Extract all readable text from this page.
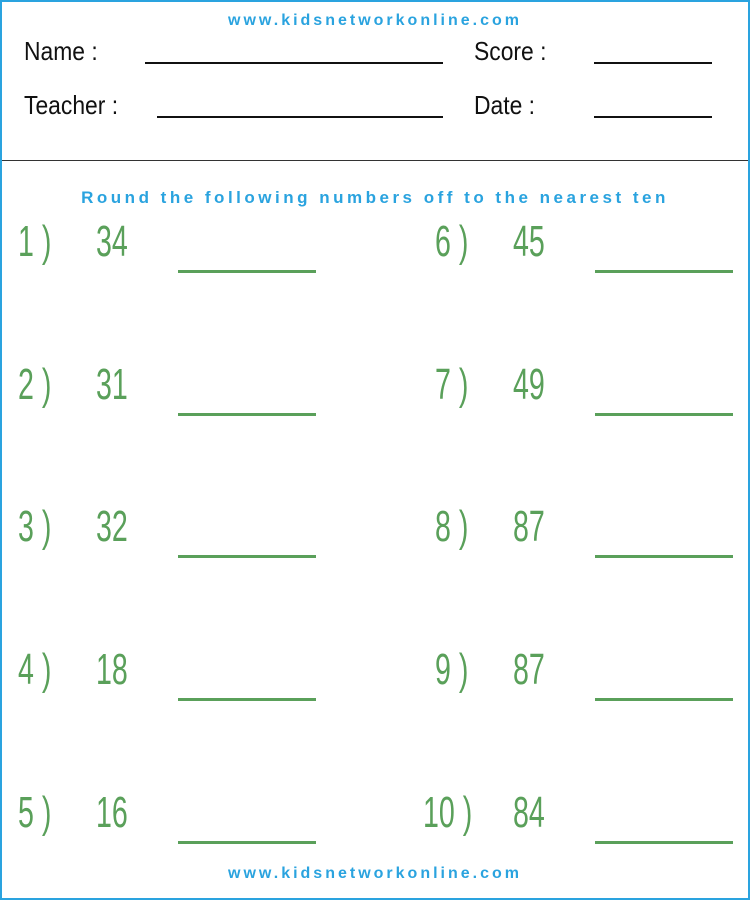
www.kidsnetworkonline.com
Name :	Score :
Teacher :	Date :
Round the following numbers off to the nearest ten
1 ) 34
2 ) 31
3 ) 32
4 ) 18
5 ) 16
6 ) 45
7 ) 49
8 ) 87
9 ) 87
10 ) 84
www.kidsnetworkonline.com
